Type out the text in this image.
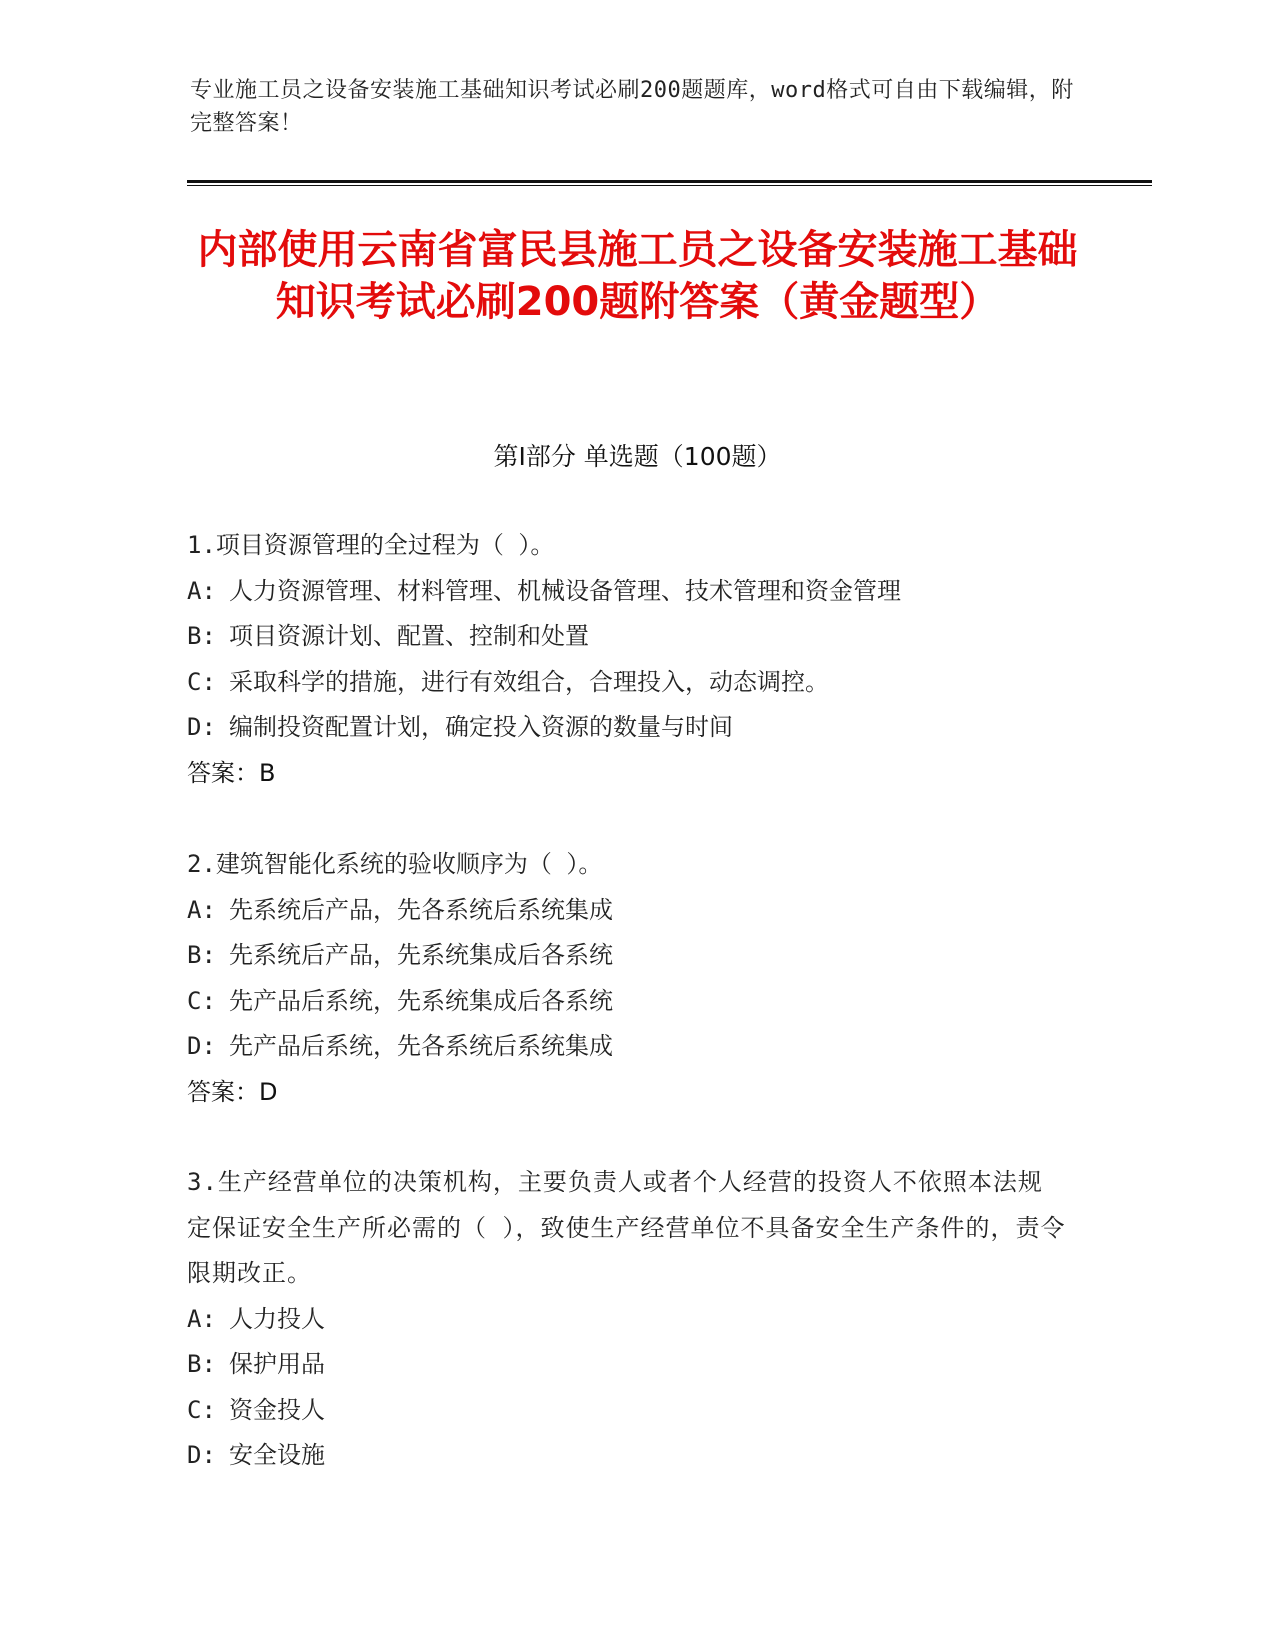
专业施工员之设备安装施工基础知识考试必刷200题题库，word格式可自由下载编辑，附完整答案！
内部使用云南省富民县施工员之设备安装施工基础知识考试必刷200题附答案（黄金题型）
第Ⅰ部分 单选题（100题）
1.项目资源管理的全过程为（ ）。
A: 人力资源管理、材料管理、机械设备管理、技术管理和资金管理
B: 项目资源计划、配置、控制和处置
C: 采取科学的措施，进行有效组合，合理投入，动态调控。
D: 编制投资配置计划，确定投入资源的数量与时间
答案：B
2.建筑智能化系统的验收顺序为（ ）。
A: 先系统后产品，先各系统后系统集成
B: 先系统后产品，先系统集成后各系统
C: 先产品后系统，先系统集成后各系统
D: 先产品后系统，先各系统后系统集成
答案：D
3.生产经营单位的决策机构，主要负责人或者个人经营的投资人不依照本法规定保证安全生产所必需的（ ），致使生产经营单位不具备安全生产条件的，责令限期改正。
A: 人力投人
B: 保护用品
C: 资金投人
D: 安全设施
